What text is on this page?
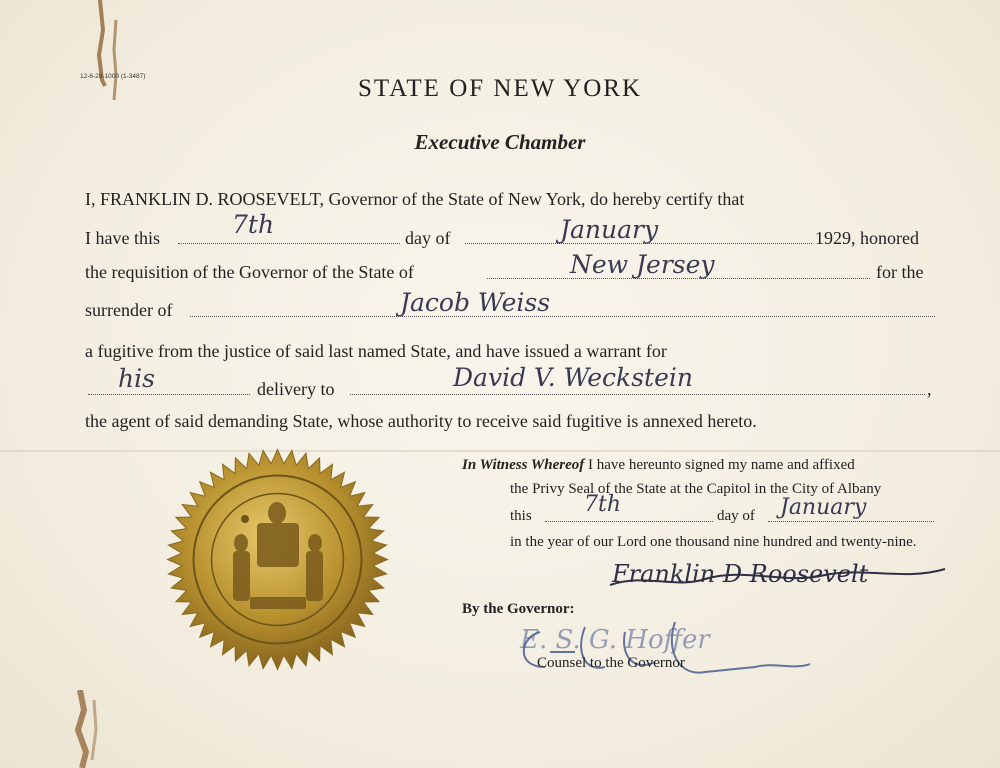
12-6-28-1000 (1-3487)	STATE OF NEW YORK
Executive Chamber
I, FRANKLIN D. ROOSEVELT, Governor of the State of New York, do hereby certify that
I have this	day of	1929, honored
7th	January
the requisition of the Governor of the State of	for the
New Jersey
surrender of	Jacob Weiss
a fugitive from the justice of said last named State, and have issued a warrant for
his	delivery to	,
David V. Weckstein
the agent of said demanding State, whose authority to receive said fugitive is annexed hereto.
In Witness Whereof I have hereunto signed my name and affixed
the Privy Seal of the State at the Capitol in the City of Albany
this	day of
7th	January
in the year of our Lord one thousand nine hundred and twenty-nine.
Franklin D Roosevelt
By the Governor:
E. S. G. Hoffer
Counsel to the Governor
